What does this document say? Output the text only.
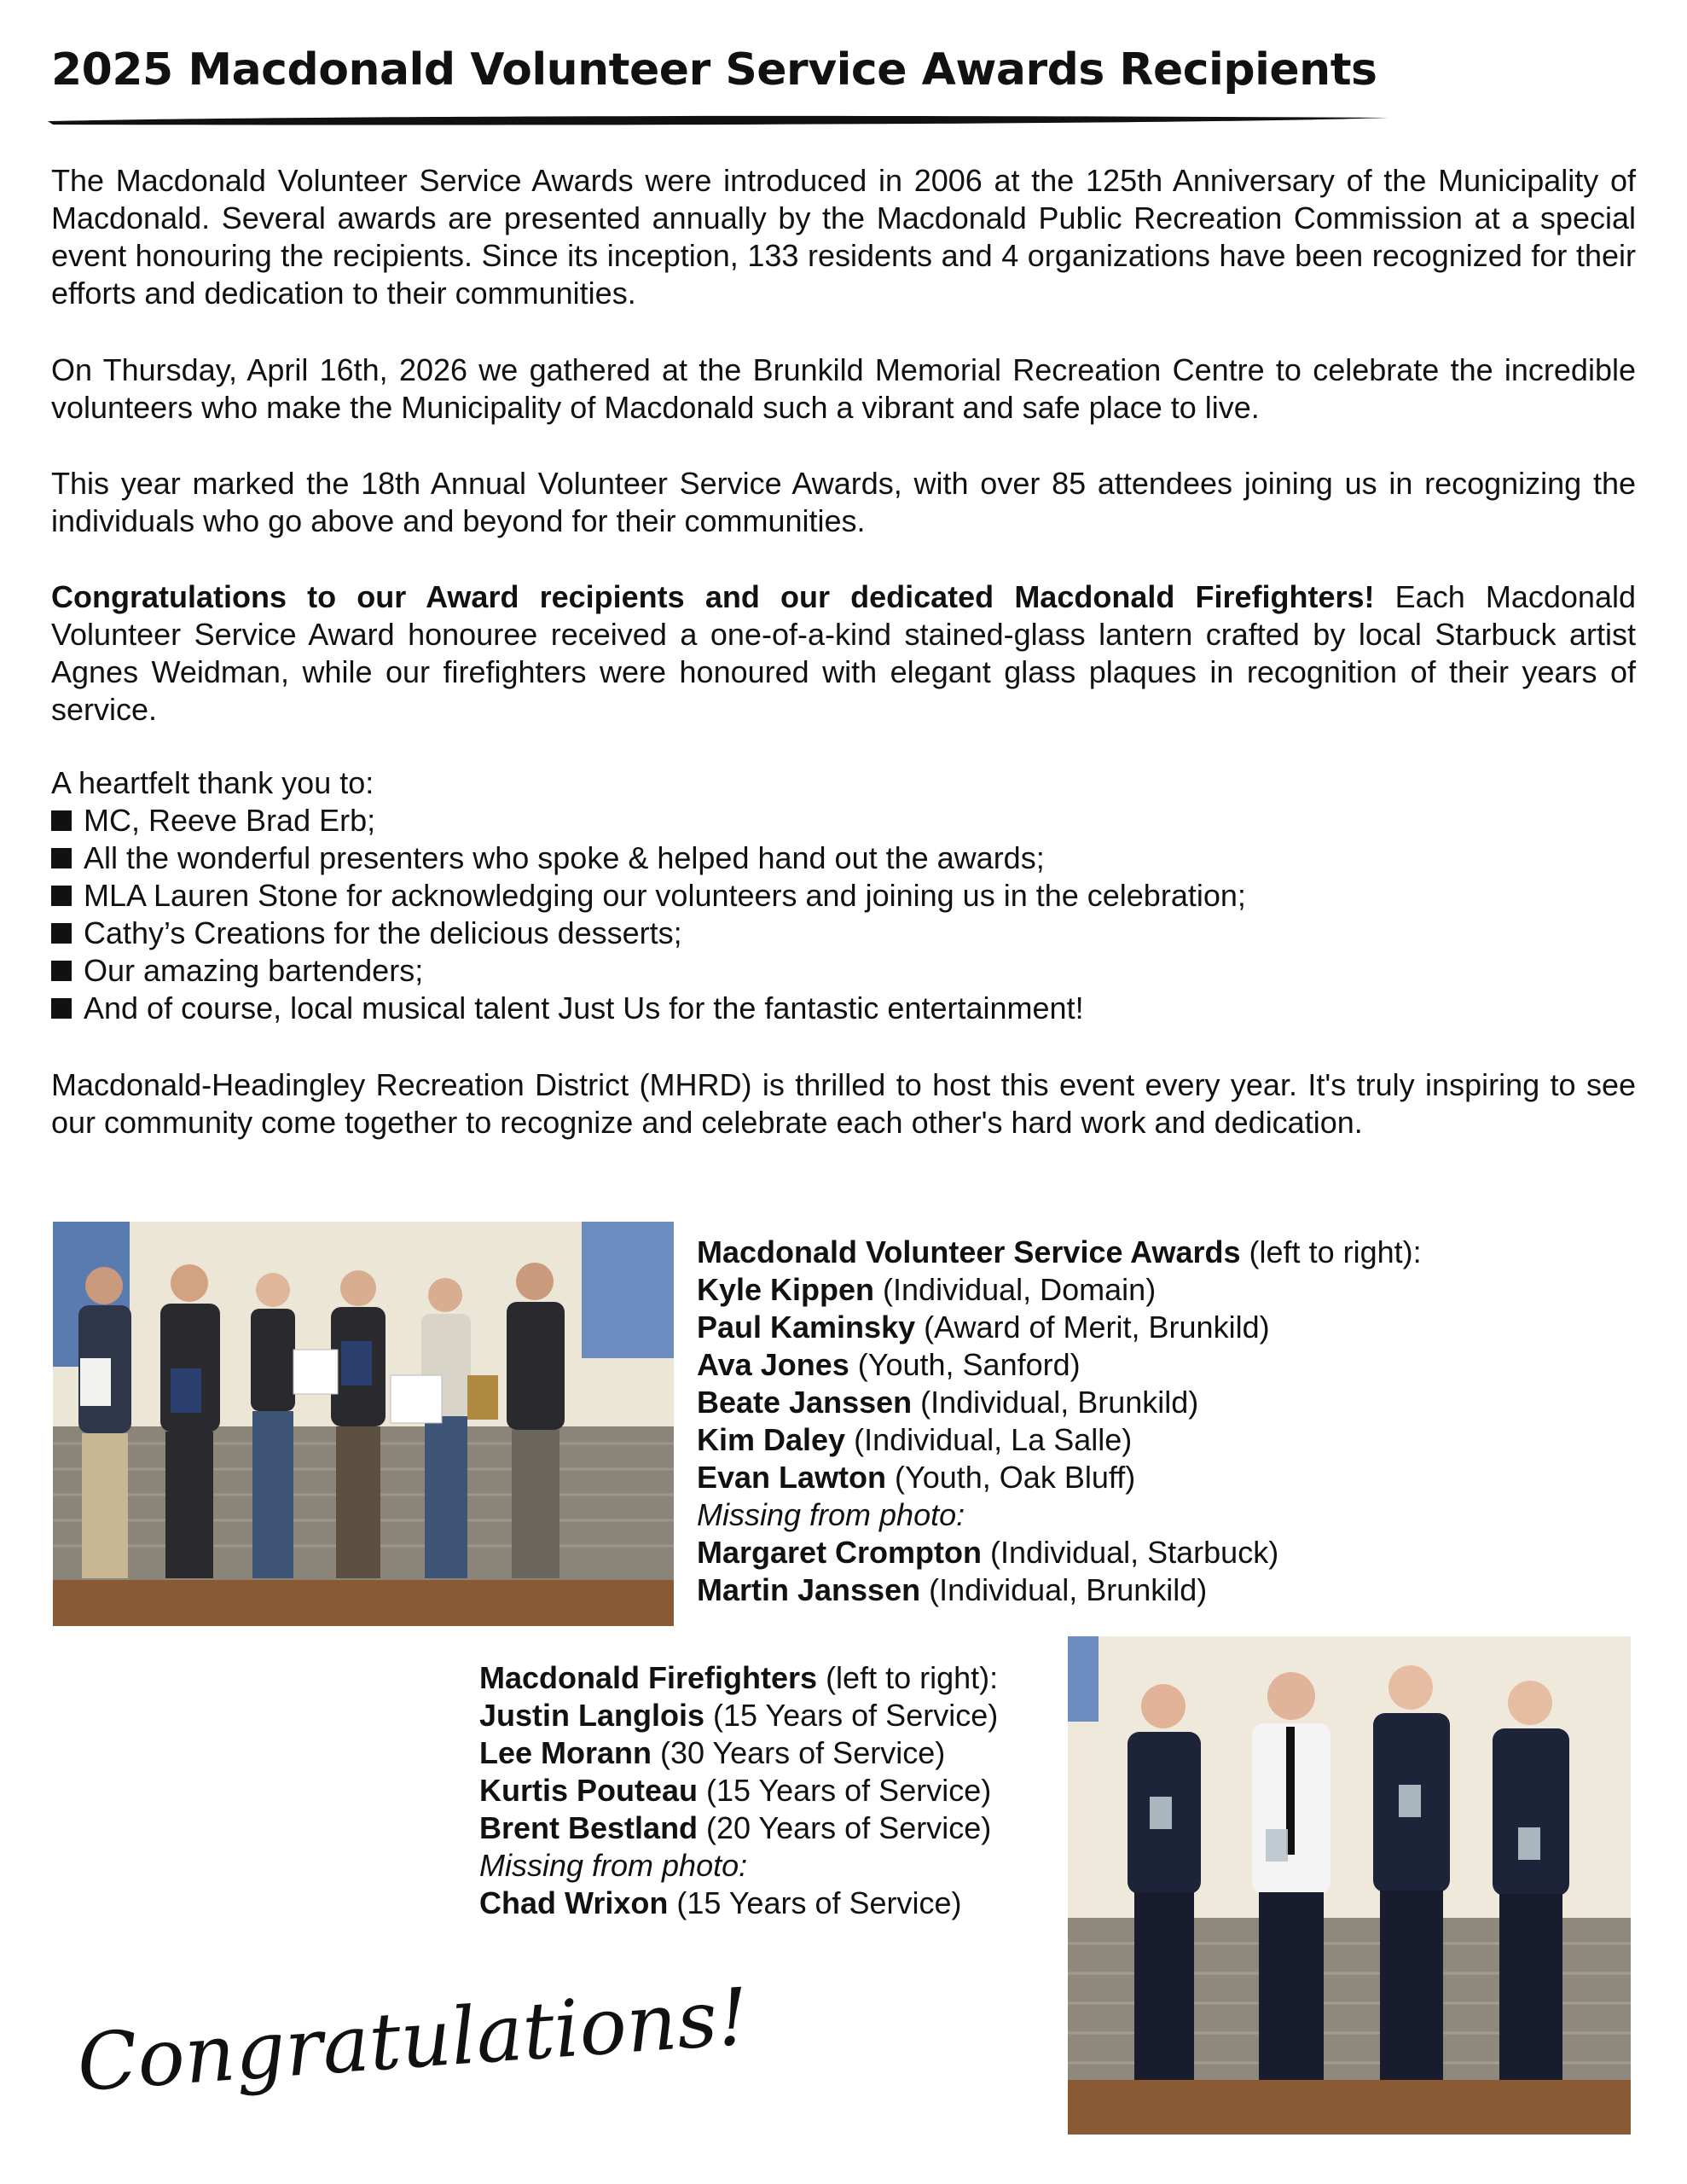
2025 Macdonald Volunteer Service Awards Recipients

The Macdonald Volunteer Service Awards were introduced in 2006 at the 125th Anniversary of the Municipality of Macdonald. Several awards are presented annually by the Macdonald Public Recreation Commission at a special event honouring the recipients. Since its inception, 133 residents and 4 organizations have been recognized for their efforts and dedication to their communities.

On Thursday, April 16th, 2026 we gathered at the Brunkild Memorial Recreation Centre to celebrate the incredible volunteers who make the Municipality of Macdonald such a vibrant and safe place to live.

This year marked the 18th Annual Volunteer Service Awards, with over 85 attendees joining us in recognizing the individuals who go above and beyond for their communities.

Congratulations to our Award recipients and our dedicated Macdonald Firefighters! Each Macdonald Volunteer Service Award honouree received a one-of-a-kind stained-glass lantern crafted by local Starbuck artist Agnes Weidman, while our firefighters were honoured with elegant glass plaques in recognition of their years of service.

A heartfelt thank you to:
MC, Reeve Brad Erb;
All the wonderful presenters who spoke & helped hand out the awards;
MLA Lauren Stone for acknowledging our volunteers and joining us in the celebration;
Cathy’s Creations for the delicious desserts;
Our amazing bartenders;
And of course, local musical talent Just Us for the fantastic entertainment!

Macdonald-Headingley Recreation District (MHRD) is thrilled to host this event every year. It's truly inspiring to see our community come together to recognize and celebrate each other's hard work and dedication.

Macdonald Volunteer Service Awards (left to right):
Kyle Kippen (Individual, Domain)
Paul Kaminsky (Award of Merit, Brunkild)
Ava Jones (Youth, Sanford)
Beate Janssen (Individual, Brunkild)
Kim Daley (Individual, La Salle)
Evan Lawton (Youth, Oak Bluff)
Missing from photo:
Margaret Crompton (Individual, Starbuck)
Martin Janssen (Individual, Brunkild)
Macdonald Firefighters (left to right):
Justin Langlois (15 Years of Service)
Lee Morann (30 Years of Service)
Kurtis Pouteau (15 Years of Service)
Brent Bestland (20 Years of Service)
Missing from photo:
Chad Wrixon (15 Years of Service)
Congratulations!
